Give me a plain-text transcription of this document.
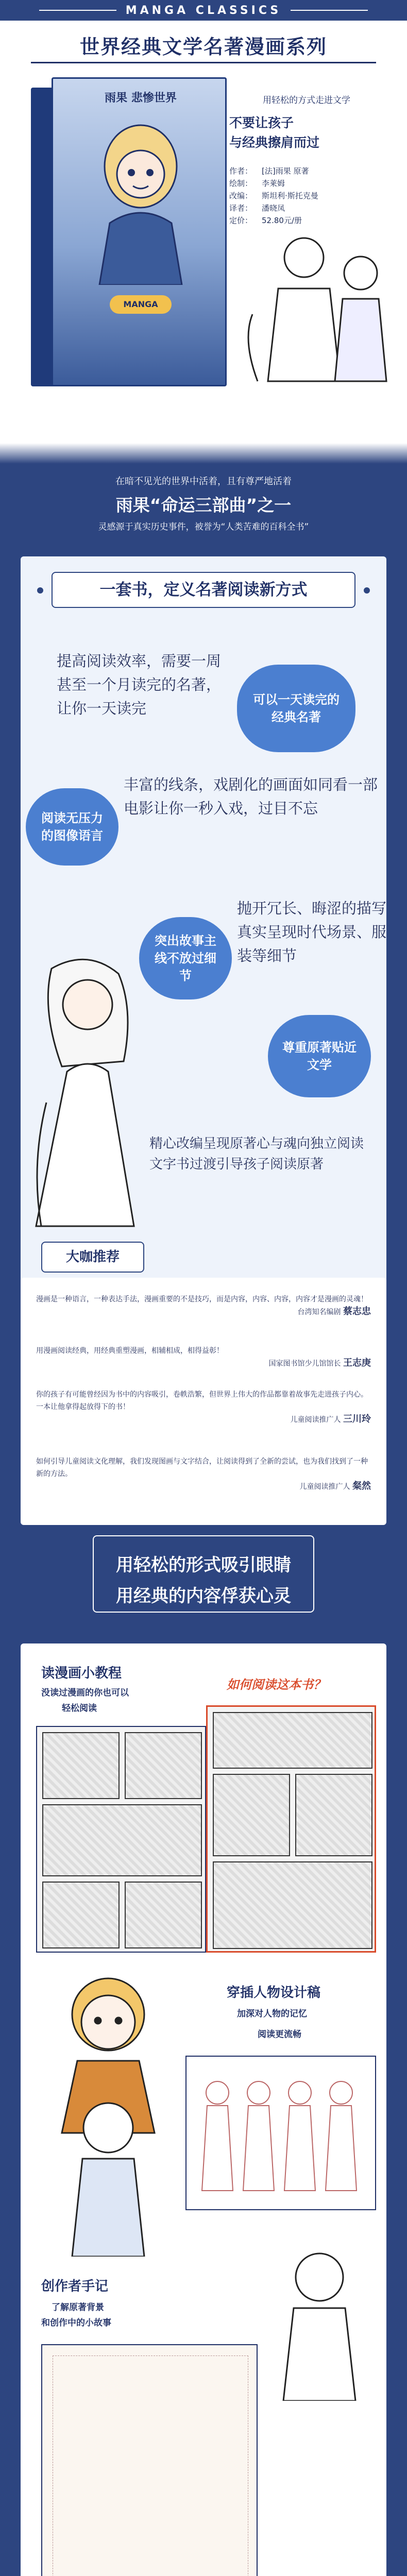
MANGA CLASSICS
世界经典文学名著漫画系列
雨果 悲惨世界
MANGA
用轻松的方式走进文学
不要让孩子
与经典擦肩而过
作者： [法]雨果 原著
绘制： 李莱姆
改编： 斯坦利·斯托克曼
译者： 潘晓凤
定价： 52.80元/册
在暗不见光的世界中活着，且有尊严地活着
雨果“命运三部曲”之一
灵感源于真实历史事件，被誉为“人类苦难的百科全书”
一套书，定义名著阅读新方式
提高阅读效率，需要一周甚至一个月读完的名著，让你一天读完	可以一天读完的经典名著
阅读无压力的图像语言
丰富的线条，戏剧化的画面如同看一部电影让你一秒入戏，过目不忘
突出故事主线不放过细节
抛开冗长、晦涩的描写真实呈现时代场景、服装等细节
尊重原著贴近文学
精心改编呈现原著心与魂向独立阅读文字书过渡引导孩子阅读原著
大咖推荐
漫画是一种语言，一种表达手法，漫画重要的不是技巧，而是内容，内容、内容，内容才是漫画的灵魂！
台湾知名编剧 蔡志忠
用漫画阅读经典，用经典重塑漫画，相辅相成，相得益彰！
国家图书馆少儿馆馆长 王志庚
你的孩子有可能曾经因为书中的内容吸引，卷帙浩繁，但世界上伟大的作品都靠着故事先走进孩子内心。一本让他拿得起放得下的书！
儿童阅读推广人 三川玲
如何引导儿童阅读文化理解，我们发现图画与文字结合，让阅读得到了全新的尝试，也为我们找到了一种新的方法。
儿童阅读推广人 粲然
用轻松的形式吸引眼睛
用经典的内容俘获心灵
读漫画小教程
没读过漫画的你也可以
轻松阅读
如何阅读这本书？
穿插人物设计稿
加深对人物的记忆
阅读更流畅
创作者手记
了解原著背景
和创作中的小故事
